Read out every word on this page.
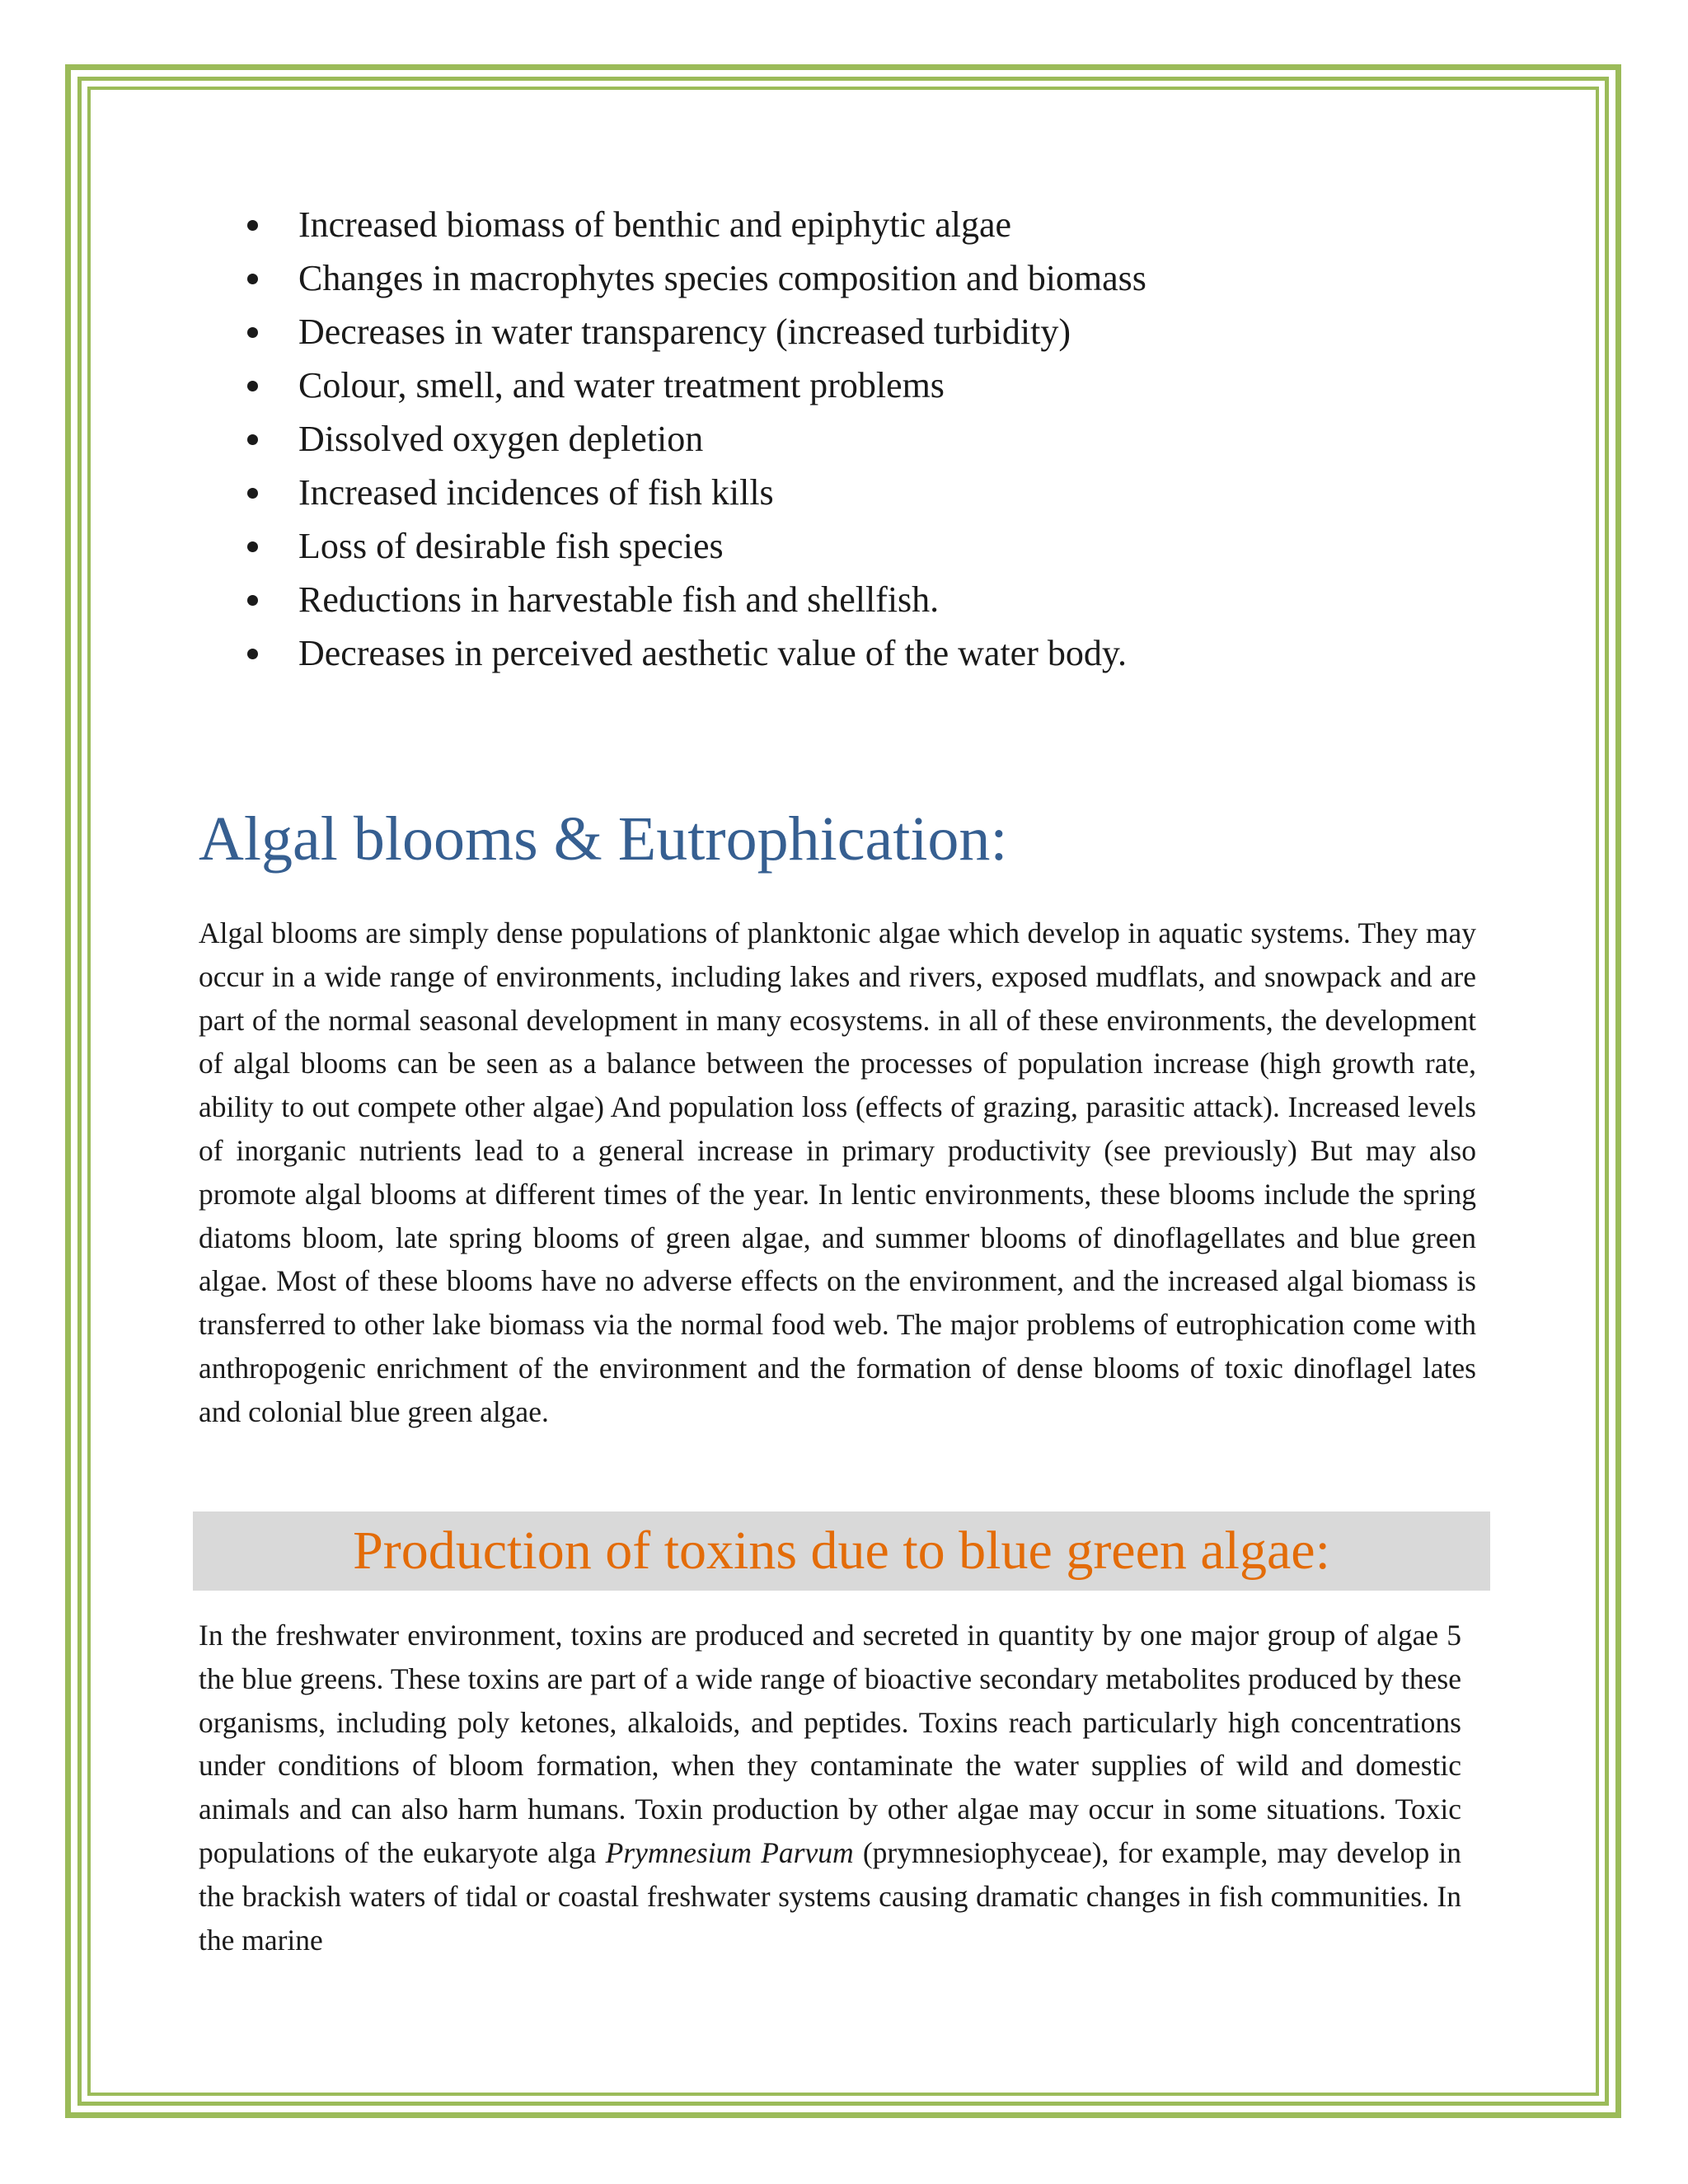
Increased biomass of benthic and epiphytic algae
Changes in macrophytes species composition and biomass
Decreases in water transparency (increased turbidity)
Colour, smell, and water treatment problems
Dissolved oxygen depletion
Increased incidences of fish kills
Loss of desirable fish species
Reductions in harvestable fish and shellfish.
Decreases in perceived aesthetic value of the water body.
Algal blooms & Eutrophication:

Algal blooms are simply dense populations of planktonic algae which develop in aquatic systems. They may occur in a wide range of environments, including lakes and rivers, exposed mudflats, and snowpack and are part of the normal seasonal development in many ecosystems. in all of these environments, the development of algal blooms can be seen as a balance between the processes of population increase (high growth rate, ability to out compete other algae) And population loss (effects of grazing, parasitic attack). Increased levels of inorganic nutrients lead to a general increase in primary productivity (see previously) But may also promote algal blooms at different times of the year. In lentic environments, these blooms include the spring diatoms bloom, late spring blooms of green algae, and summer blooms of dinoflagellates and blue green algae. Most of these blooms have no adverse effects on the environment, and the increased algal biomass is transferred to other lake biomass via the normal food web. The major problems of eutrophication come with anthropogenic enrichment of the environment and the formation of dense blooms of toxic dinoflagel lates and colonial blue green algae.

Production of toxins due to blue green algae:

In the freshwater environment, toxins are produced and secreted in quantity by one major group of algae 5 the blue greens. These toxins are part of a wide range of bioactive secondary metabolites produced by these organisms, including poly ketones, alkaloids, and peptides. Toxins reach particularly high concentrations under conditions of bloom formation, when they contaminate the water supplies of wild and domestic animals and can also harm humans. Toxin production by other algae may occur in some situations. Toxic populations of the eukaryote alga Prymnesium Parvum (prymnesiophyceae), for example, may develop in the brackish waters of tidal or coastal freshwater systems causing dramatic changes in fish communities. In the marine
